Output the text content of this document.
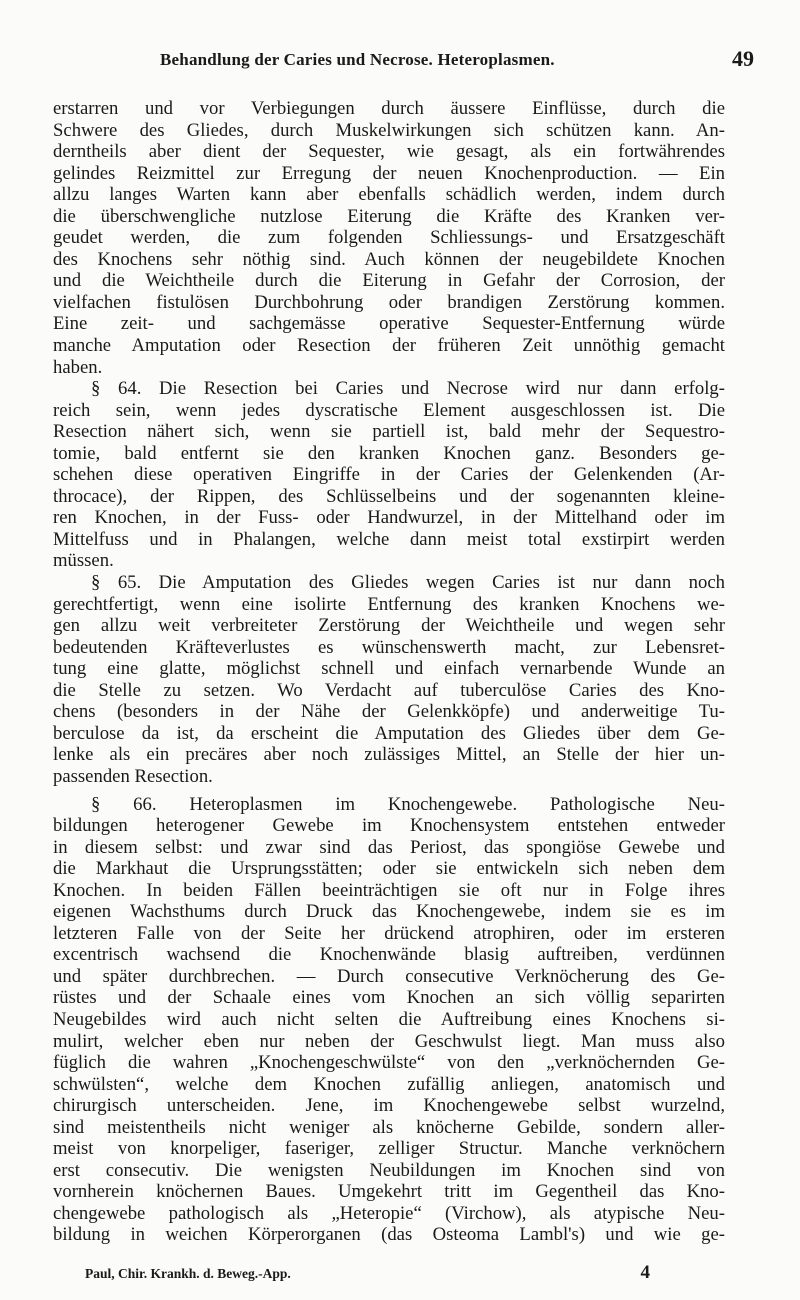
Behandlung der Caries und Necrose. Heteroplasmen.	49
erstarren und vor Verbiegungen durch äussere Einflüsse, durch die
Schwere des Gliedes, durch Muskelwirkungen sich schützen kann. An-
derntheils aber dient der Sequester, wie gesagt, als ein fortwährendes
gelindes Reizmittel zur Erregung der neuen Knochenproduction. — Ein
allzu langes Warten kann aber ebenfalls schädlich werden, indem durch
die überschwengliche nutzlose Eiterung die Kräfte des Kranken ver-
geudet werden, die zum folgenden Schliessungs- und Ersatzgeschäft
des Knochens sehr nöthig sind. Auch können der neugebildete Knochen
und die Weichtheile durch die Eiterung in Gefahr der Corrosion, der
vielfachen fistulösen Durchbohrung oder brandigen Zerstörung kommen.
Eine zeit- und sachgemässe operative Sequester-Entfernung würde
manche Amputation oder Resection der früheren Zeit unnöthig gemacht
haben.
§ 64. Die Resection bei Caries und Necrose wird nur dann erfolg-
reich sein, wenn jedes dyscratische Element ausgeschlossen ist. Die
Resection nähert sich, wenn sie partiell ist, bald mehr der Sequestro-
tomie, bald entfernt sie den kranken Knochen ganz. Besonders ge-
schehen diese operativen Eingriffe in der Caries der Gelenkenden (Ar-
throcace), der Rippen, des Schlüsselbeins und der sogenannten kleine-
ren Knochen, in der Fuss- oder Handwurzel, in der Mittelhand oder im
Mittelfuss und in Phalangen, welche dann meist total exstirpirt werden
müssen.
§ 65. Die Amputation des Gliedes wegen Caries ist nur dann noch
gerechtfertigt, wenn eine isolirte Entfernung des kranken Knochens we-
gen allzu weit verbreiteter Zerstörung der Weichtheile und wegen sehr
bedeutenden Kräfteverlustes es wünschenswerth macht, zur Lebensret-
tung eine glatte, möglichst schnell und einfach vernarbende Wunde an
die Stelle zu setzen. Wo Verdacht auf tuberculöse Caries des Kno-
chens (besonders in der Nähe der Gelenkköpfe) und anderweitige Tu-
berculose da ist, da erscheint die Amputation des Gliedes über dem Ge-
lenke als ein precäres aber noch zulässiges Mittel, an Stelle der hier un-
passenden Resection.
§ 66. Heteroplasmen im Knochengewebe. Pathologische Neu-
bildungen heterogener Gewebe im Knochensystem entstehen entweder
in diesem selbst: und zwar sind das Periost, das spongiöse Gewebe und
die Markhaut die Ursprungsstätten; oder sie entwickeln sich neben dem
Knochen. In beiden Fällen beeinträchtigen sie oft nur in Folge ihres
eigenen Wachsthums durch Druck das Knochengewebe, indem sie es im
letzteren Falle von der Seite her drückend atrophiren, oder im ersteren
excentrisch wachsend die Knochenwände blasig auftreiben, verdünnen
und später durchbrechen. — Durch consecutive Verknöcherung des Ge-
rüstes und der Schaale eines vom Knochen an sich völlig separirten
Neugebildes wird auch nicht selten die Auftreibung eines Knochens si-
mulirt, welcher eben nur neben der Geschwulst liegt. Man muss also
füglich die wahren „Knochengeschwülste“ von den „verknöchernden Ge-
schwülsten“, welche dem Knochen zufällig anliegen, anatomisch und
chirurgisch unterscheiden. Jene, im Knochengewebe selbst wurzelnd,
sind meistentheils nicht weniger als knöcherne Gebilde, sondern aller-
meist von knorpeliger, faseriger, zelliger Structur. Manche verknöchern
erst consecutiv. Die wenigsten Neubildungen im Knochen sind von
vornherein knöchernen Baues. Umgekehrt tritt im Gegentheil das Kno-
chengewebe pathologisch als „Heteropie“ (Virchow), als atypische Neu-
bildung in weichen Körperorganen (das Osteoma Lambl's) und wie ge-
Paul, Chir. Krankh. d. Beweg.-App.	4
